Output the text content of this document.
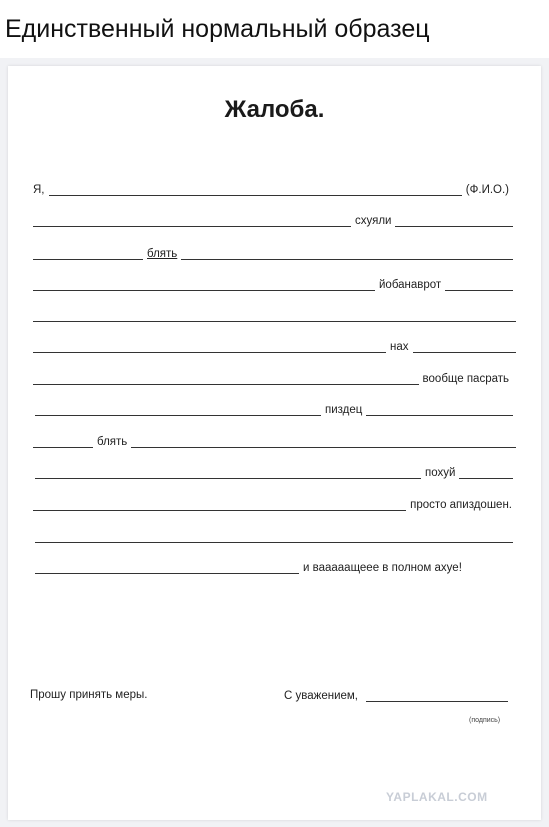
Единственный нормальный образец
Жалоба.
Я,	(Ф.И.О.)
схуяли
блять
йобанаврот
нах
вообще пасрать
пиздец
блять
похуй
просто апиздошен.
и вааааащеее в полном ахуе!
Прошу принять меры.	С уважением,
(подпись)
YAPLAKAL.COM
